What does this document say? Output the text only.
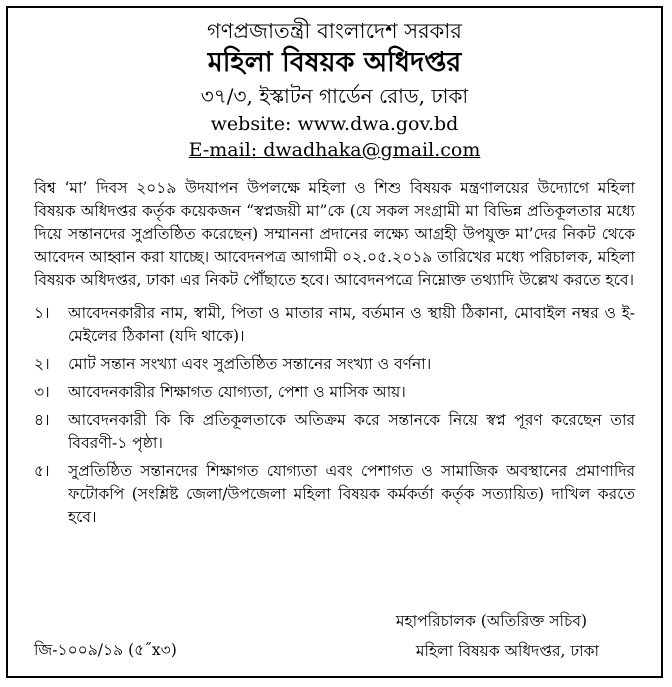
গণপ্রজাতন্ত্রী বাংলাদেশ সরকার
মহিলা বিষয়ক অধিদপ্তর
৩৭/৩, ইস্কাটন গার্ডেন রোড, ঢাকা
website: www.dwa.gov.bd
E-mail: dwadhaka@gmail.com
বিশ্ব ‘মা’ দিবস ২০১৯ উদযাপন উপলক্ষে মহিলা ও শিশু বিষয়ক মন্ত্রণালয়ের উদ্যোগে মহিলা বিষয়ক অধিদপ্তর কর্তৃক কয়েকজন “স্বপ্নজয়ী মা”কে (যে সকল সংগ্রামী মা বিভিন্ন প্রতিকূলতার মধ্যে দিয়ে সন্তানদের সুপ্রতিষ্ঠিত করেছেন) সম্মাননা প্রদানের লক্ষ্যে আগ্রহী উপযুক্ত মা’দের নিকট থেকে আবেদন আহ্বান করা যাচ্ছে। আবেদনপত্র আগামী ০২.০৫.২০১৯ তারিখের মধ্যে পরিচালক, মহিলা বিষয়ক অধিদপ্তর, ঢাকা এর নিকট পৌঁছাতে হবে। আবেদনপত্রে নিম্নোক্ত তথ্যাদি উল্লেখ করতে হবে।
১।	আবেদনকারীর নাম, স্বামী, পিতা ও মাতার নাম, বর্তমান ও স্থায়ী ঠিকানা, মোবাইল নম্বর ও ই-মেইলের ঠিকানা (যদি থাকে)।
২।	মোট সন্তান সংখ্যা এবং সুপ্রতিষ্ঠিত সন্তানের সংখ্যা ও বর্ণনা।
৩।	আবেদনকারীর শিক্ষাগত যোগ্যতা, পেশা ও মাসিক আয়।
৪।	আবেদনকারী কি কি প্রতিকূলতাকে অতিক্রম করে সন্তানকে নিয়ে স্বপ্ন পূরণ করেছেন তার বিবরণী-১ পৃষ্ঠা।
৫।	সুপ্রতিষ্ঠিত সন্তানদের শিক্ষাগত যোগ্যতা এবং পেশাগত ও সামাজিক অবস্থানের প্রমাণাদির ফটোকপি (সংশ্লিষ্ট জেলা/উপজেলা মহিলা বিষয়ক কর্মকর্তা কর্তৃক সত্যায়িত) দাখিল করতে হবে।
মহাপরিচালক (অতিরিক্ত সচিব)
মহিলা বিষয়ক অধিদপ্তর, ঢাকা
জি-১০০৯/১৯ (৫˝x৩)
